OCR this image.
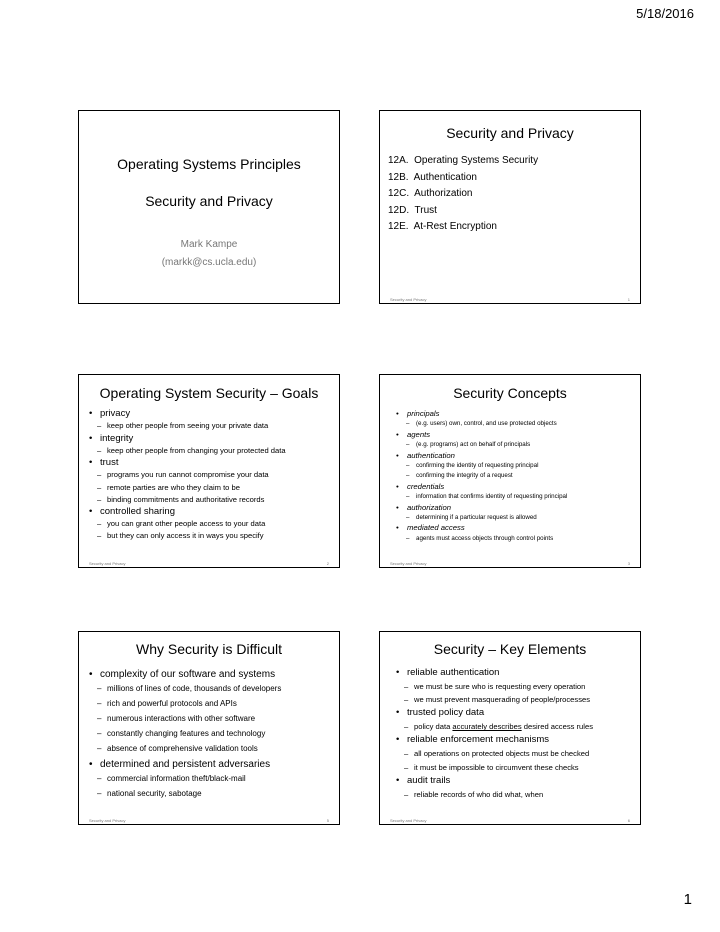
5/18/2016
Operating Systems Principles
Security and Privacy
Mark Kampe
(markk@cs.ucla.edu)
Security and Privacy
12A.  Operating Systems Security
12B.  Authentication
12C.  Authorization
12D.  Trust
12E.  At-Rest Encryption
Security and Privacy	1
Operating System Security – Goals
• privacy
– keep other people from seeing your private data
• integrity
– keep other people from changing your protected data
• trust
– programs you run cannot compromise your data
– remote parties are who they claim to be
– binding commitments and authoritative records
• controlled sharing
– you can grant other people access to your data
– but they can only access it in ways you specify
Security and Privacy	2
Security Concepts
• principals
– (e.g. users) own, control, and use protected objects
• agents
– (e.g. programs) act on behalf of principals
• authentication
– confirming the identity of requesting principal
– confirming the integrity of a request
• credentials
– information that confirms identity of requesting principal
• authorization
– determining if a particular request is allowed
• mediated access
– agents must access objects through control points
Security and Privacy	3
Why Security is Difficult
• complexity of our software and systems
– millions of lines of code, thousands of developers
– rich and powerful protocols and APIs
– numerous interactions with other software
– constantly changing features and technology
– absence of comprehensive validation tools
• determined and persistent adversaries
– commercial information theft/black-mail
– national security, sabotage
Security and Privacy	5
Security – Key Elements
• reliable authentication
– we must be sure who is requesting every operation
– we must prevent masquerading of people/processes
• trusted policy data
– policy data accurately describes desired access rules
• reliable enforcement mechanisms
– all operations on protected objects must be checked
– it must be impossible to circumvent these checks
• audit trails
– reliable records of who did what, when
Security and Privacy	6
1
